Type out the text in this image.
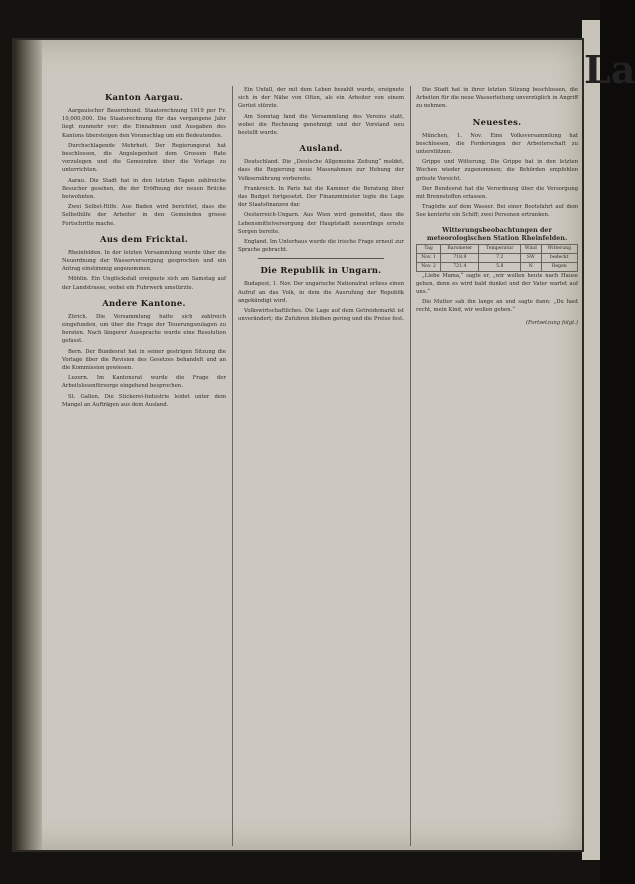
La
Kanton Aargau.

Aargauischer Bauernbund. Staatsrechnung 1919 per Fr. 10,000,000. Die Staatsrechnung für das vergangene Jahr liegt nunmehr vor; die Einnahmen und Ausgaben des Kantons übersteigen den Voranschlag um ein Bedeutendes.

Durchschlagende Mehrheit. Der Regierungsrat hat beschlossen, die Angelegenheit dem Grossen Rate vorzulegen und die Gemeinden über die Vorlage zu unterrichten.

Aarau. Die Stadt hat in den letzten Tagen zahlreiche Besucher gesehen, die der Eröffnung der neuen Brücke beiwohnten.

Zwei Selbst-Hilfe. Aus Baden wird berichtet, dass die Selbsthilfe der Arbeiter in den Gemeinden grosse Fortschritte mache.

Aus dem Fricktal.

Rheinfelden. In der letzten Versammlung wurde über die Neuordnung der Wasserversorgung gesprochen und ein Antrag einstimmig angenommen.

Möhlin. Ein Unglücksfall ereignete sich am Samstag auf der Landstrasse, wobei ein Fuhrwerk umstürzte.

Andere Kantone.

Zürich. Die Versammlung hatte sich zahlreich eingefunden, um über die Frage der Teuerungszulagen zu beraten. Nach längerer Aussprache wurde eine Resolution gefasst.

Bern. Der Bundesrat hat in seiner gestrigen Sitzung die Vorlage über die Revision des Gesetzes behandelt und an die Kommission gewiesen.

Luzern. Im Kantonsrat wurde die Frage der Arbeitslosenfürsorge eingehend besprochen.

St. Gallen. Die Stickerei-Industrie leidet unter dem Mangel an Aufträgen aus dem Ausland.

Ein Unfall, der mit dem Leben bezahlt wurde, ereignete sich in der Nähe von Olten, als ein Arbeiter von einem Gerüst stürzte.

Am Sonntag fand die Versammlung des Vereins statt, wobei die Rechnung genehmigt und der Vorstand neu bestellt wurde.

Ausland.

Deutschland. Die „Deutsche Allgemeine Zeitung“ meldet, dass die Regierung neue Massnahmen zur Hebung der Volksernährung vorbereite.

Frankreich. In Paris hat die Kammer die Beratung über das Budget fortgesetzt. Der Finanzminister legte die Lage der Staatsfinanzen dar.

Oesterreich-Ungarn. Aus Wien wird gemeldet, dass die Lebensmittelversorgung der Hauptstadt neuerdings ernste Sorgen bereite.

England. Im Unterhaus wurde die irische Frage erneut zur Sprache gebracht.

Die Republik in Ungarn.

Budapest, 1. Nov. Der ungarische Nationalrat erliess einen Aufruf an das Volk, in dem die Ausrufung der Republik angekündigt wird.

Volkswirtschaftliches. Die Lage auf dem Getreidemarkt ist unverändert; die Zufuhren bleiben gering und die Preise fest.

Die Stadt hat in ihrer letzten Sitzung beschlossen, die Arbeiten für die neue Wasserleitung unverzüglich in Angriff zu nehmen.

Neuestes.

München, 1. Nov. Eine Volksversammlung hat beschlossen, die Forderungen der Arbeiterschaft zu unterstützen.

Grippe und Witterung. Die Grippe hat in den letzten Wochen wieder zugenommen; die Behörden empfehlen grösste Vorsicht.

Der Bundesrat hat die Verordnung über die Versorgung mit Brennstoffen erlassen.

Tragödie auf dem Wasser. Bei einer Bootsfahrt auf dem See kenterte ein Schiff; zwei Personen ertranken.

Witterungsbeobachtungen der meteorologischen Station Rheinfelden.
Tag	Barometer	Temperatur	Wind	Witterung
Nov. 1	718.9	7.2	SW	bedeckt
Nov. 2	721.4	5.8	N	Regen

„Liebe Mama,“ sagte er, „wir wollen heute nach Hause gehen, denn es wird bald dunkel und der Vater wartet auf uns.“

Die Mutter sah ihn lange an und sagte dann: „Du hast recht, mein Kind, wir wollen gehen.“

(Fortsetzung folgt.)
